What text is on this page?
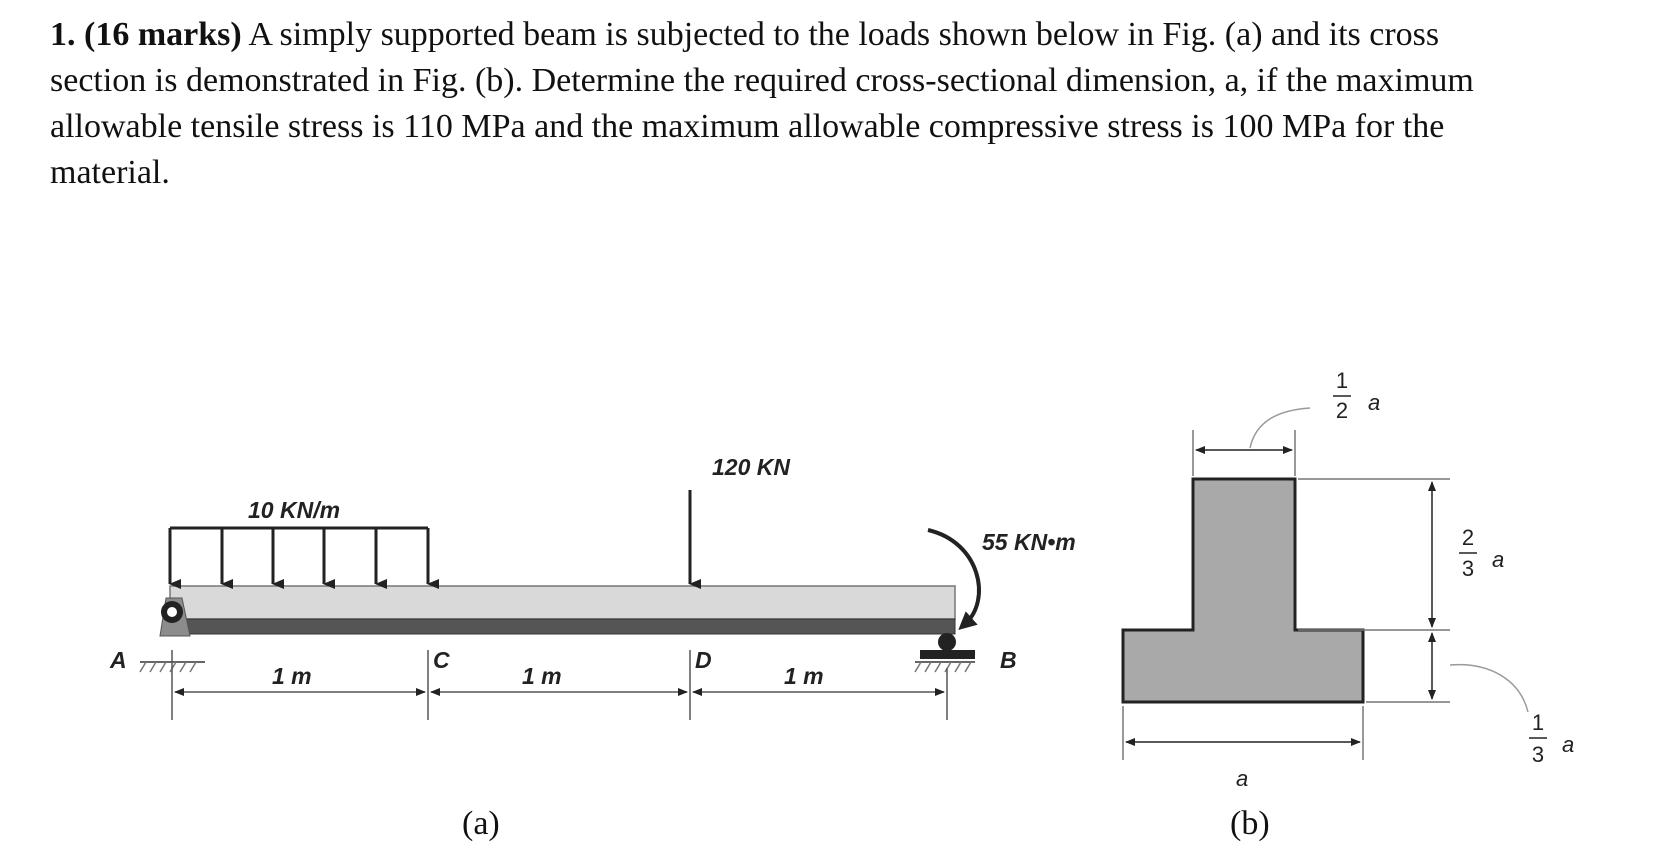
1. (16 marks) A simply supported beam is subjected to the loads shown below in Fig. (a) and its cross section is demonstrated in Fig. (b). Determine the required cross-sectional dimension, a, if the maximum allowable tensile stress is 110 MPa and the maximum allowable compressive stress is 100 MPa for the material.
10 KN/m
120 KN
55 KN•m
A	B
C	D
1 m	1 m	1 m
(a)
1
2 a
2
3 a
1
3 a
a
(b)
